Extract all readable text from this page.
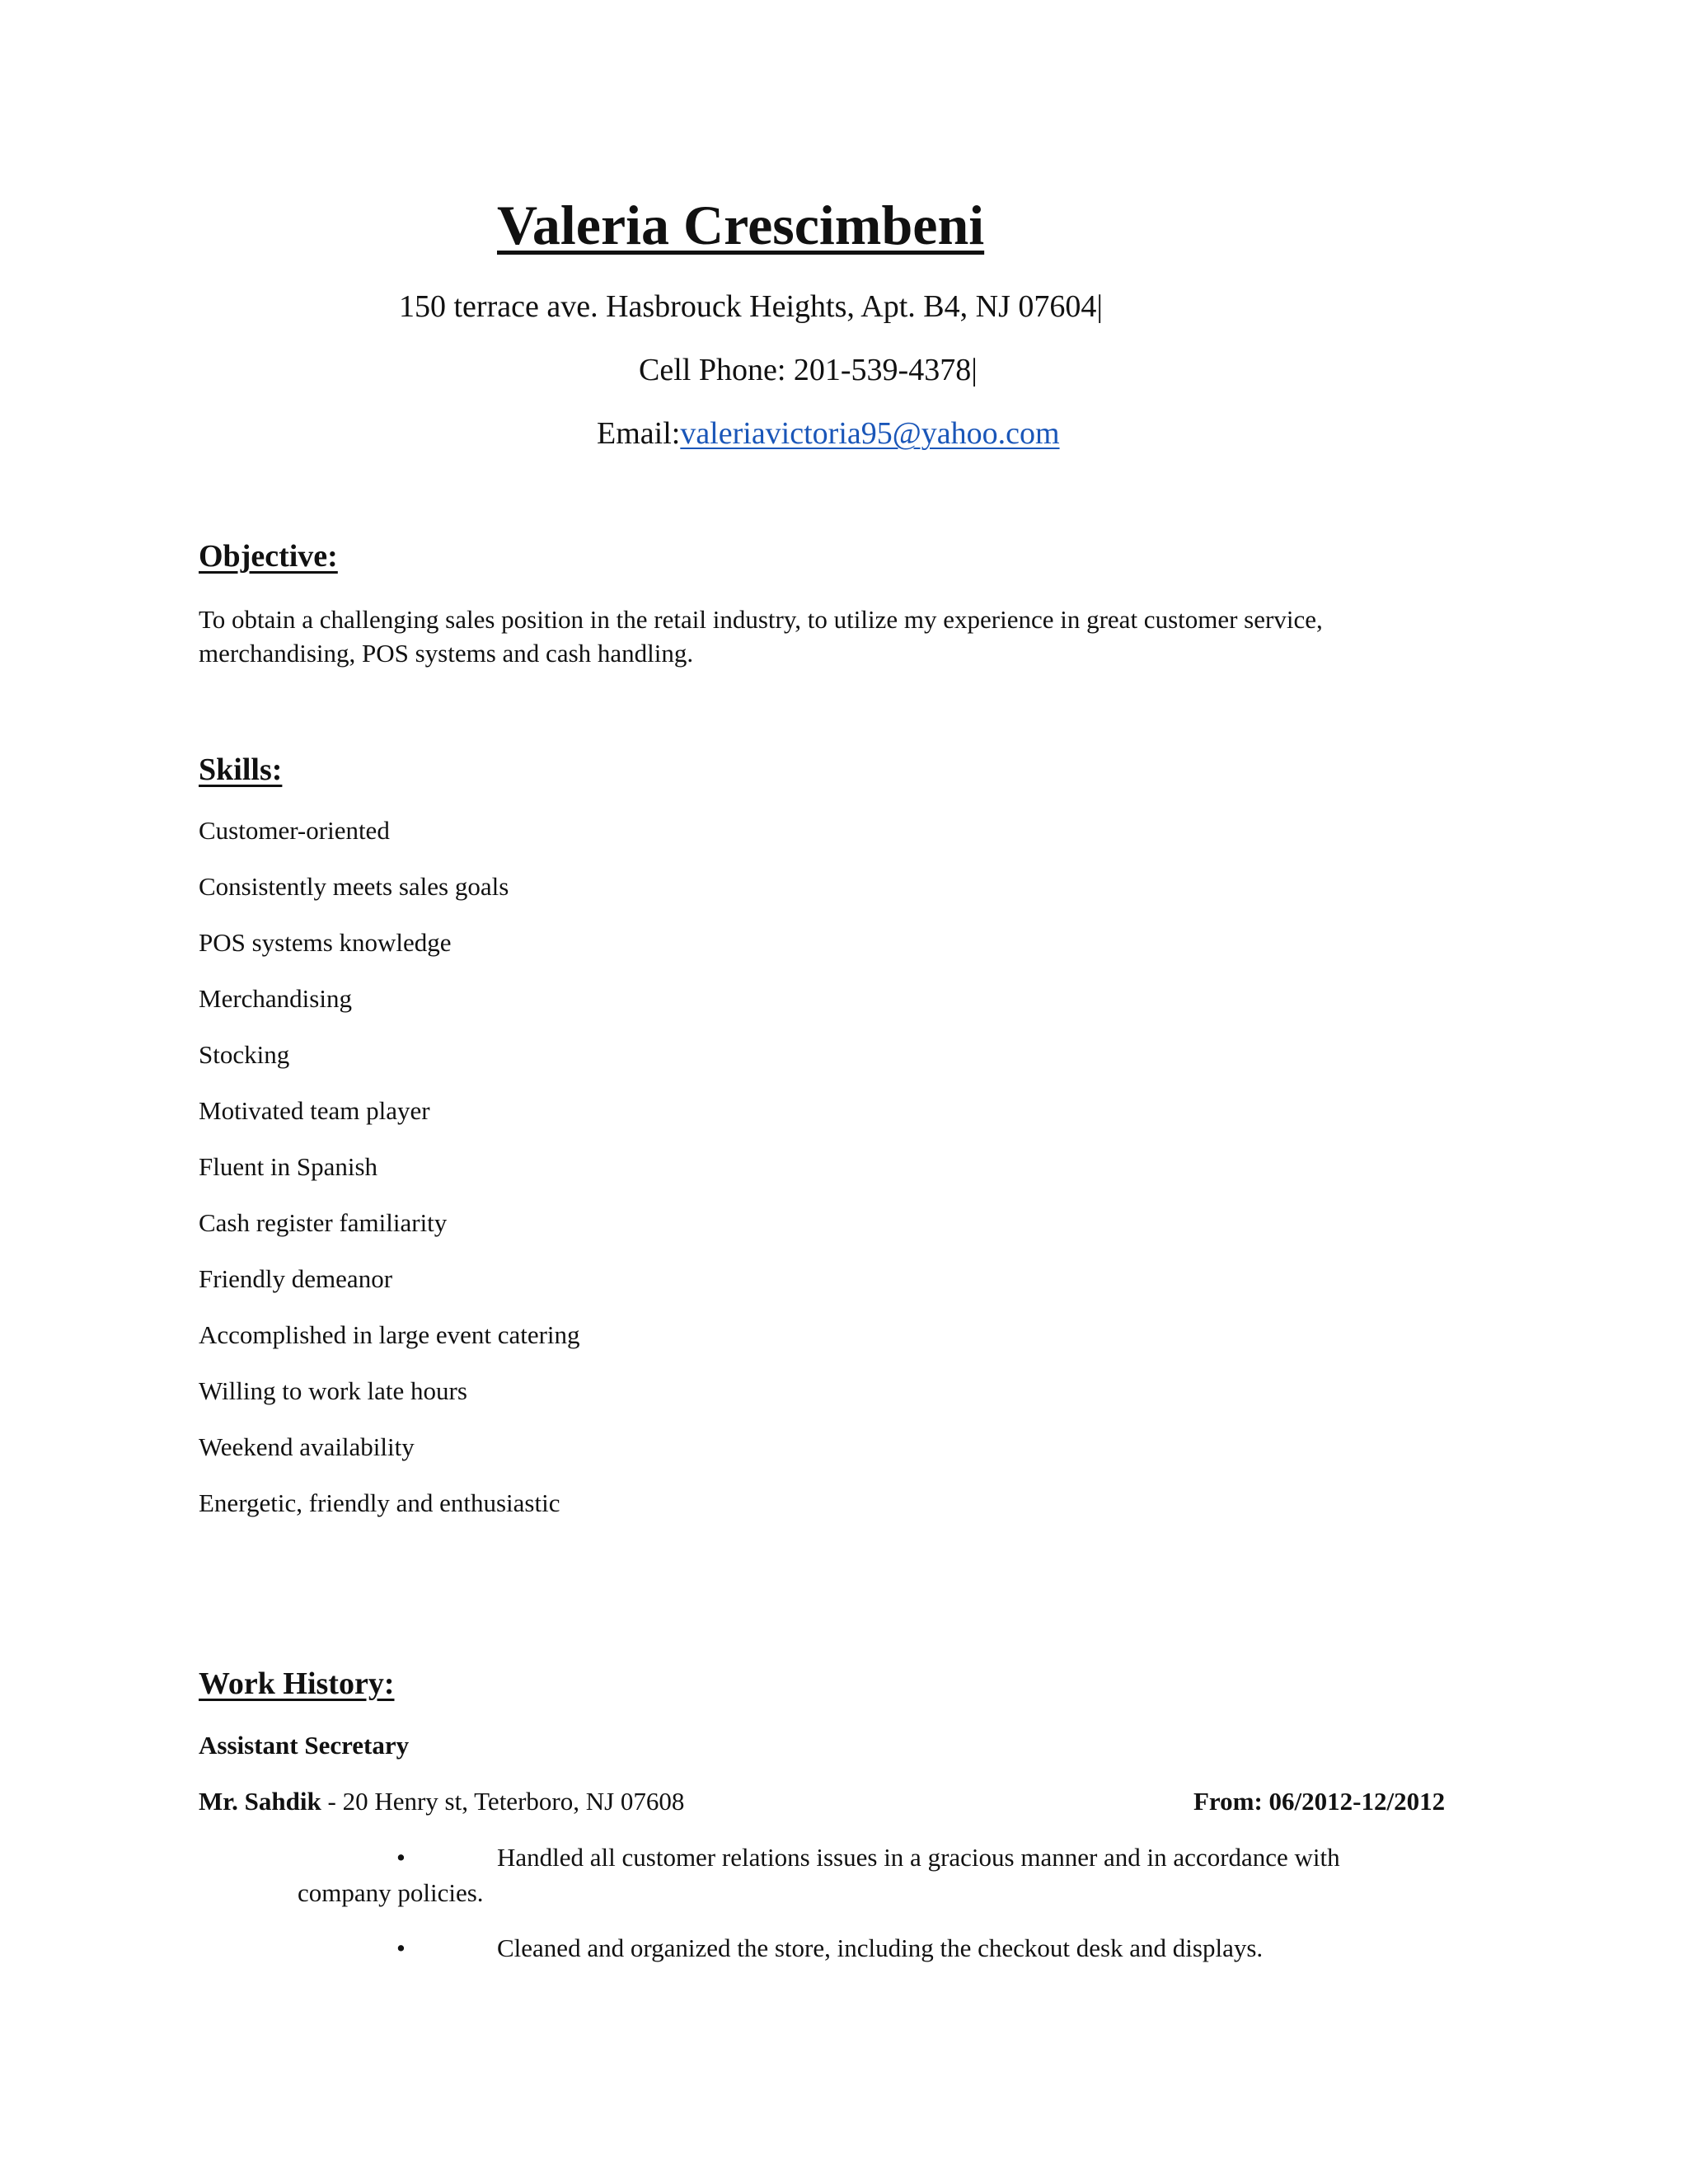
Valeria Crescimbeni
150 terrace ave. Hasbrouck Heights, Apt. B4, NJ 07604|
Cell Phone: 201-539-4378|
Email:valeriavictoria95@yahoo.com
Objective:
To obtain a challenging sales position in the retail industry, to utilize my experience in great customer service, merchandising, POS systems and cash handling.
Skills:
Customer-oriented
Consistently meets sales goals
POS systems knowledge
Merchandising
Stocking
Motivated team player
Fluent in Spanish
Cash register familiarity
Friendly demeanor
Accomplished in large event catering
Willing to work late hours
Weekend availability
Energetic, friendly and enthusiastic
Work History:
Assistant Secretary
Mr. Sahdik - 20 Henry st, Teterboro, NJ 07608	From: 06/2012-12/2012
•	Handled all customer relations issues in a gracious manner and in accordance with
company policies.
•	Cleaned and organized the store, including the checkout desk and displays.
